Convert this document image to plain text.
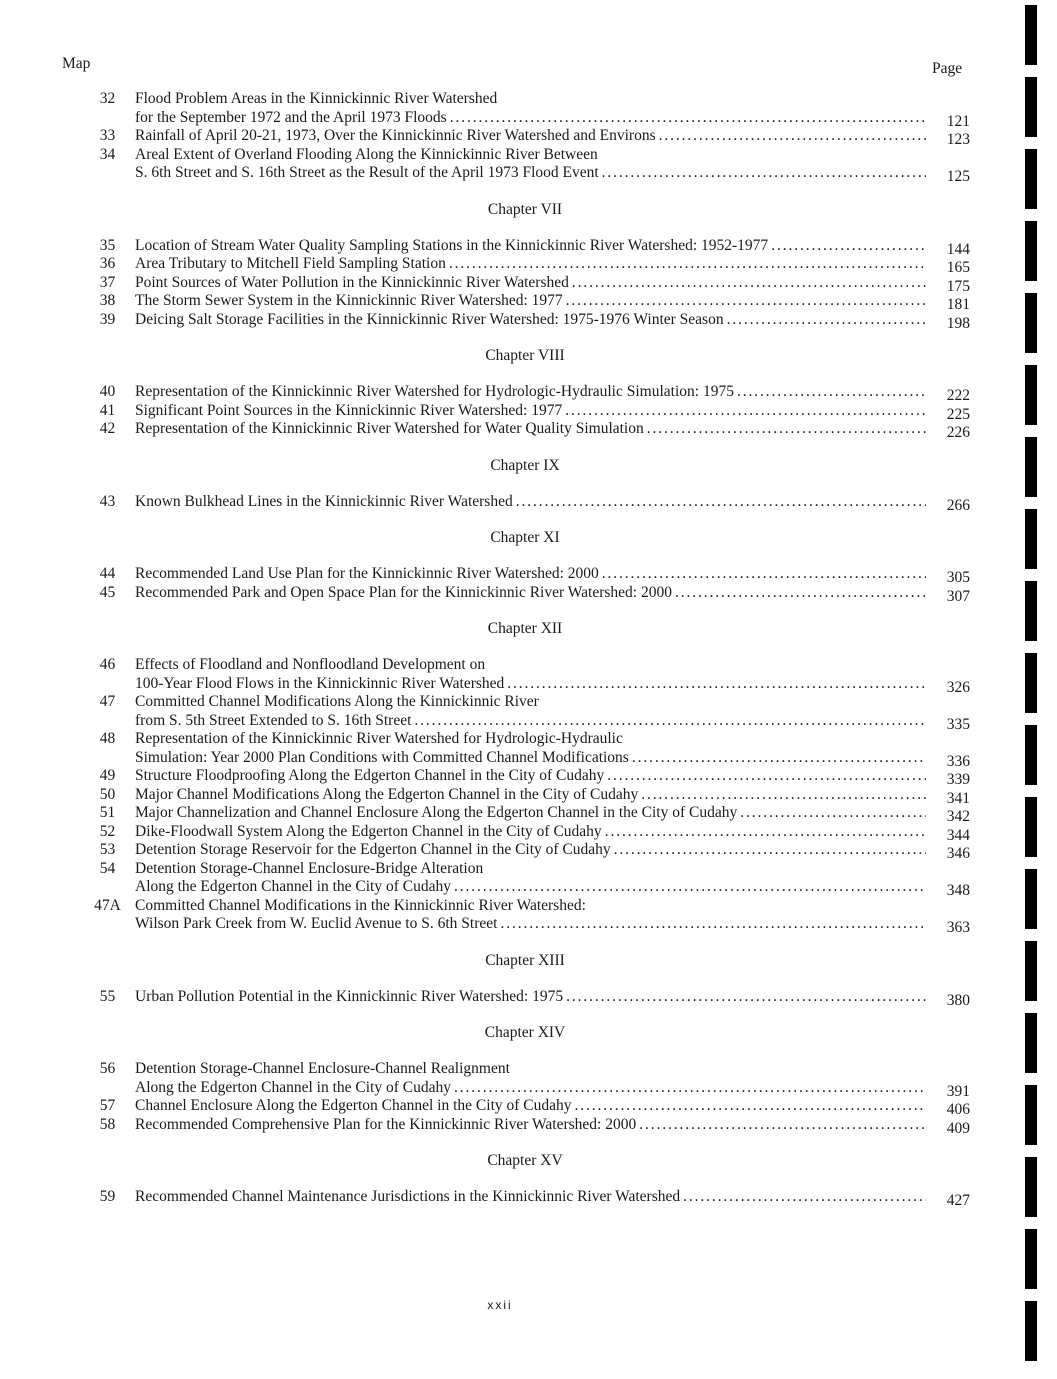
Map	Page
32	Flood Problem Areas in the Kinnickinnic River Watershed
for the September 1972 and the April 1973 Floods . . .	121
33	Rainfall of April 20-21, 1973, Over the Kinnickinnic River Watershed and Environs . . .	123
34	Areal Extent of Overland Flooding Along the Kinnickinnic River Between
S. 6th Street and S. 16th Street as the Result of the April 1973 Flood Event . . .	125
Chapter VII
35	Location of Stream Water Quality Sampling Stations in the Kinnickinnic River Watershed: 1952-1977 . . .	144
36	Area Tributary to Mitchell Field Sampling Station . . .	165
37	Point Sources of Water Pollution in the Kinnickinnic River Watershed . . .	175
38	The Storm Sewer System in the Kinnickinnic River Watershed: 1977 . . .	181
39	Deicing Salt Storage Facilities in the Kinnickinnic River Watershed: 1975-1976 Winter Season . . .	198
Chapter VIII
40	Representation of the Kinnickinnic River Watershed for Hydrologic-Hydraulic Simulation: 1975 . . .	222
41	Significant Point Sources in the Kinnickinnic River Watershed: 1977 . . .	225
42	Representation of the Kinnickinnic River Watershed for Water Quality Simulation . . .	226
Chapter IX
43	Known Bulkhead Lines in the Kinnickinnic River Watershed . . .	266
Chapter XI
44	Recommended Land Use Plan for the Kinnickinnic River Watershed: 2000 . . .	305
45	Recommended Park and Open Space Plan for the Kinnickinnic River Watershed: 2000 . . .	307
Chapter XII
46	Effects of Floodland and Nonfloodland Development on
100-Year Flood Flows in the Kinnickinnic River Watershed . . .	326
47	Committed Channel Modifications Along the Kinnickinnic River
from S. 5th Street Extended to S. 16th Street . . .	335
48	Representation of the Kinnickinnic River Watershed for Hydrologic-Hydraulic
Simulation: Year 2000 Plan Conditions with Committed Channel Modifications . . .	336
49	Structure Floodproofing Along the Edgerton Channel in the City of Cudahy . . .	339
50	Major Channel Modifications Along the Edgerton Channel in the City of Cudahy . . .	341
51	Major Channelization and Channel Enclosure Along the Edgerton Channel in the City of Cudahy . . .	342
52	Dike-Floodwall System Along the Edgerton Channel in the City of Cudahy . . .	344
53	Detention Storage Reservoir for the Edgerton Channel in the City of Cudahy . . .	346
54	Detention Storage-Channel Enclosure-Bridge Alteration
Along the Edgerton Channel in the City of Cudahy . . .	348
47A Committed Channel Modifications in the Kinnickinnic River Watershed:
Wilson Park Creek from W. Euclid Avenue to S. 6th Street . . .	363
Chapter XIII
55	Urban Pollution Potential in the Kinnickinnic River Watershed: 1975 . . .	380
Chapter XIV
56	Detention Storage-Channel Enclosure-Channel Realignment
Along the Edgerton Channel in the City of Cudahy . . .	391
57	Channel Enclosure Along the Edgerton Channel in the City of Cudahy . . .	406
58	Recommended Comprehensive Plan for the Kinnickinnic River Watershed: 2000 . . .	409
Chapter XV
59	Recommended Channel Maintenance Jurisdictions in the Kinnickinnic River Watershed . . .	427
xxii
